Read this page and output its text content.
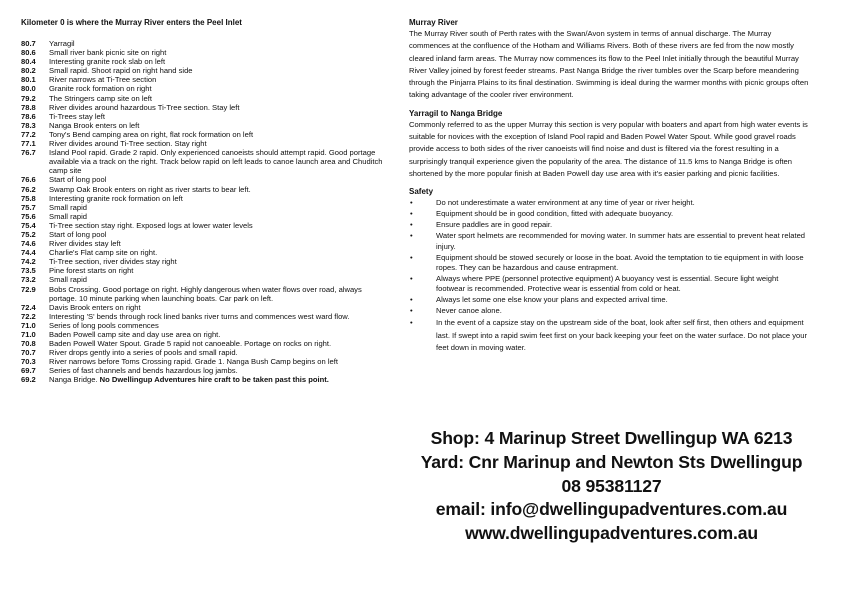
Kilometer 0 is where the Murray River enters the Peel Inlet
80.7	Yarragil
80.6	Small river bank picnic site on right
80.4	Interesting granite rock slab on left
80.2	Small rapid. Shoot rapid on right hand side
80.1	River narrows at Ti-Tree section
80.0	Granite rock formation on right
79.2	The Stringers camp site on left
78.8	River divides around hazardous Ti-Tree section. Stay left
78.6	Ti-Trees stay left
78.3	Nanga Brook enters on left
77.2	Tony's Bend camping area on right, flat rock formation on left
77.1	River divides around Ti-Tree section. Stay right
76.7	Island Pool rapid. Grade 2 rapid. Only experienced canoeists should attempt rapid. Good portage available via a track on the right. Track below rapid on left leads to canoe launch area and Chuditch camp site
76.6	Start of long pool
76.2	Swamp Oak Brook enters on right as river starts to bear left.
75.8	Interesting granite rock formation on left
75.7	Small rapid
75.6	Small rapid
75.4	Ti-Tree section stay right. Exposed logs at lower water levels
75.2	Start of long pool
74.6	River divides stay left
74.4	Charlie's Flat camp site on right.
74.2	Ti-Tree section, river divides stay right
73.5	Pine forest starts on right
73.2	Small rapid
72.9	Bobs Crossing. Good portage on right. Highly dangerous when water flows over road, always portage. 10 minute parking when launching boats. Car park on left.
72.4	Davis Brook enters on right
72.2	Interesting 'S' bends through rock lined banks river turns and commences west ward flow.
71.0	Series of long pools commences
71.0	Baden Powell camp site and day use area on right.
70.8	Baden Powell Water Spout. Grade 5 rapid not canoeable. Portage on rocks on right.
70.7	River drops gently into a series of pools and small rapid.
70.3	River narrows before Toms Crossing rapid. Grade 1. Nanga Bush Camp begins on left
69.7	Series of fast channels and bends hazardous log jambs.
69.2	Nanga Bridge. No Dwellingup Adventures hire craft to be taken past this point.
Murray River

The Murray River south of Perth rates with the Swan/Avon system in terms of annual discharge. The Murray commences at the confluence of the Hotham and Williams Rivers. Both of these rivers are fed from the now mostly cleared inland farm areas. The Murray now commences its flow to the Peel Inlet initially through the beautiful Murray River Valley joined by forest feeder streams. Past Nanga Bridge the river tumbles over the Scarp before meandering through the Pinjarra Plains to its final destination. Swimming is ideal during the warmer months with picnic groups often taking advantage of the cooler river environment.

Yarragil to Nanga Bridge

Commonly referred to as the upper Murray this section is very popular with boaters and apart from high water events is suitable for novices with the exception of Island Pool rapid and Baden Powel Water Spout. While good gravel roads provide access to both sides of the river canoeists will find noise and dust is filtered via the forest resulting in a surprisingly tranquil experience given the popularity of the area. The distance of 11.5 kms to Nanga Bridge is often shortened by the more popular finish at Baden Powell day use area with it's easier parking and picnic facilities.

Safety
•	Do not underestimate a water environment at any time of year or river height.
•	Equipment should be in good condition, fitted with adequate buoyancy.
•	Ensure paddles are in good repair.
•	Water sport helmets are recommended for moving water. In summer hats are essential to prevent heat related injury.
•	Equipment should be stowed securely or loose in the boat. Avoid the temptation to tie equipment in with loose ropes. They can be hazardous and cause entrapment.
•	Always where PPE (personnel protective equipment) A buoyancy vest is essential. Secure light weight footwear is recommended. Protective wear is essential from cold or heat.
•	Always let some one else know your plans and expected arrival time.
•	Never canoe alone.
•	In the event of a capsize stay on the upstream side of the boat, look after self first, then others and equipment last. If swept into a rapid swim feet first on your back keeping your feet on the water surface. Do not place your feet down in moving water.
Shop: 4 Marinup Street Dwellingup WA 6213
Yard: Cnr Marinup and Newton Sts Dwellingup
08 95381127
email: info@dwellingupadventures.com.au
www.dwellingupadventures.com.au
